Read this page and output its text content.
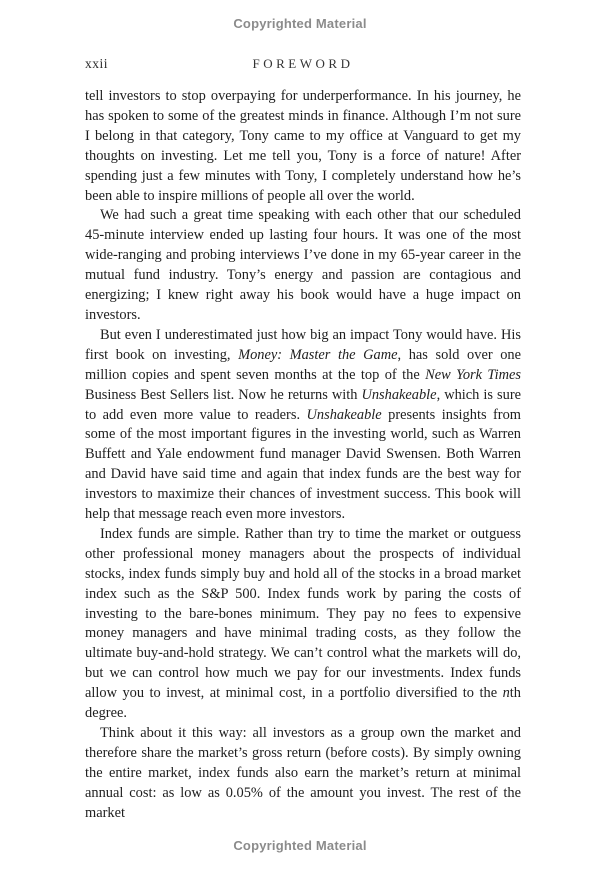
Copyrighted Material
xxii	FOREWORD

tell investors to stop overpaying for underperformance. In his journey, he has spoken to some of the greatest minds in finance. Although I’m not sure I belong in that category, Tony came to my office at Vanguard to get my thoughts on investing. Let me tell you, Tony is a force of nature! After spending just a few minutes with Tony, I completely understand how he’s been able to inspire millions of people all over the world.

We had such a great time speaking with each other that our scheduled 45-minute interview ended up lasting four hours. It was one of the most wide-ranging and probing interviews I’ve done in my 65-year career in the mutual fund industry. Tony’s energy and passion are contagious and energizing; I knew right away his book would have a huge impact on investors.

But even I underestimated just how big an impact Tony would have. His first book on investing, Money: Master the Game, has sold over one million copies and spent seven months at the top of the New York Times Business Best Sellers list. Now he returns with Unshakeable, which is sure to add even more value to readers. Unshakeable presents insights from some of the most important figures in the investing world, such as Warren Buffett and Yale endowment fund manager David Swensen. Both Warren and David have said time and again that index funds are the best way for investors to maximize their chances of investment success. This book will help that message reach even more investors.

Index funds are simple. Rather than try to time the market or outguess other professional money managers about the prospects of individual stocks, index funds simply buy and hold all of the stocks in a broad market index such as the S&P 500. Index funds work by paring the costs of investing to the bare-bones minimum. They pay no fees to expensive money managers and have minimal trading costs, as they follow the ultimate buy-and-hold strategy. We can’t control what the markets will do, but we can control how much we pay for our investments. Index funds allow you to invest, at minimal cost, in a portfolio diversified to the nth degree.

Think about it this way: all investors as a group own the market and therefore share the market’s gross return (before costs). By simply owning the entire market, index funds also earn the market’s return at minimal annual cost: as low as 0.05% of the amount you invest. The rest of the market

Copyrighted Material
